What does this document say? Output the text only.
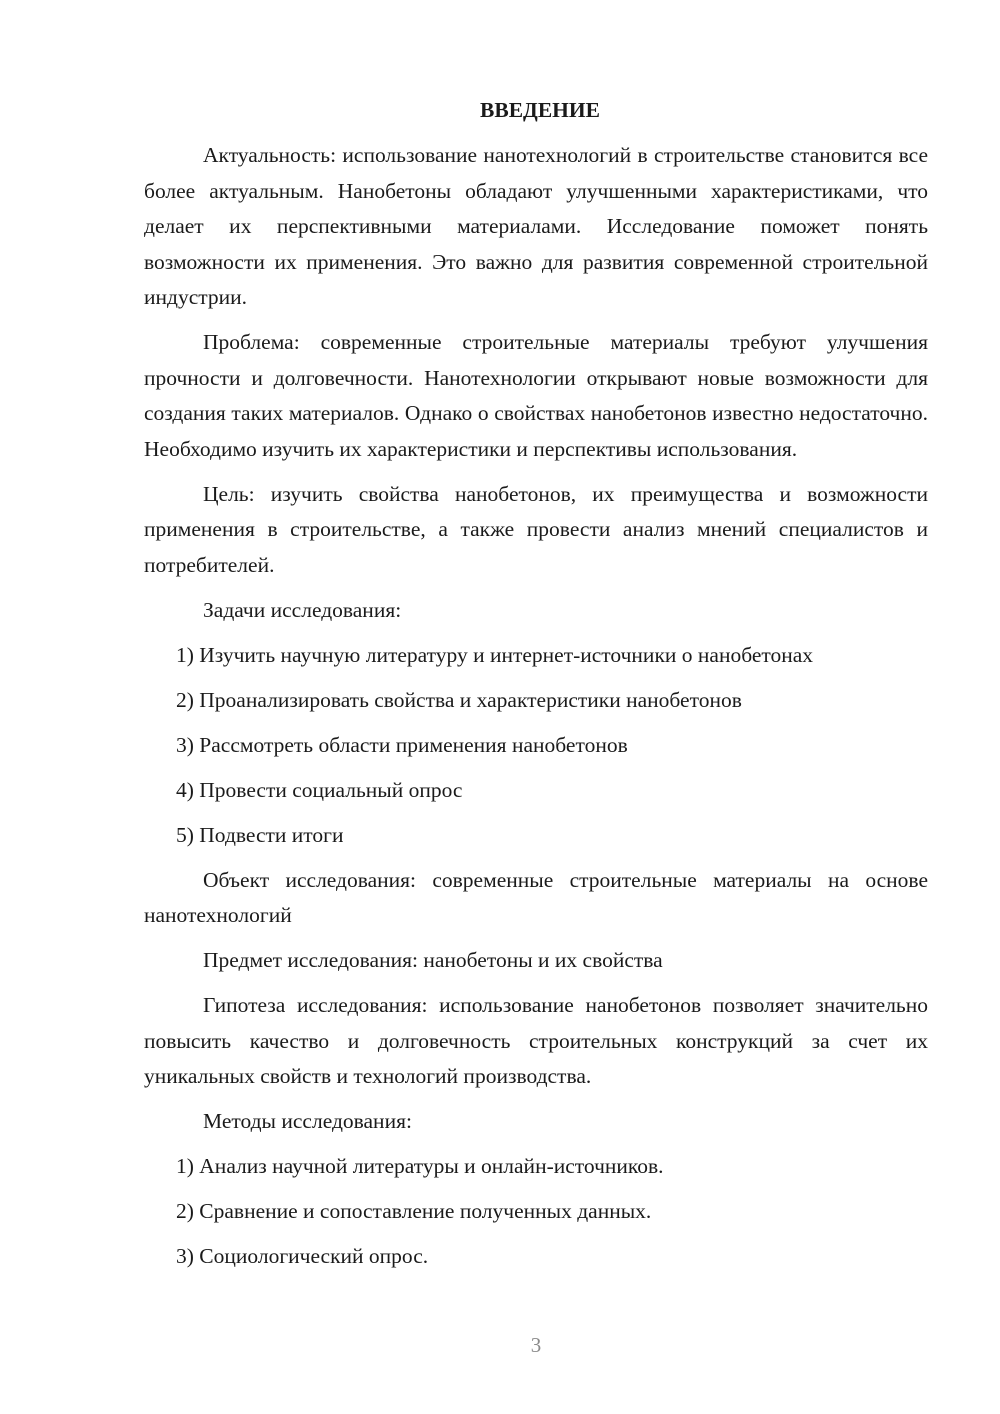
ВВЕДЕНИЕ

Актуальность: использование нанотехнологий в строительстве становится все более актуальным. Нанобетоны обладают улучшенными характеристиками, что делает их перспективными материалами. Исследование поможет понять возможности их применения. Это важно для развития современной строительной индустрии.

Проблема: современные строительные материалы требуют улучшения прочности и долговечности. Нанотехнологии открывают новые возможности для создания таких материалов. Однако о свойствах нанобетонов известно недостаточно. Необходимо изучить их характеристики и перспективы использования.

Цель: изучить свойства нанобетонов, их преимущества и возможности применения в строительстве, а также провести анализ мнений специалистов и потребителей.

Задачи исследования:

1) Изучить научную литературу и интернет-источники о нанобетонах
2) Проанализировать свойства и характеристики нанобетонов
3) Рассмотреть области применения нанобетонов
4) Провести социальный опрос
5) Подвести итоги

Объект исследования: современные строительные материалы на основе нанотехнологий

Предмет исследования: нанобетоны и их свойства

Гипотеза исследования: использование нанобетонов позволяет значительно повысить качество и долговечность строительных конструкций за счет их уникальных свойств и технологий производства.

Методы исследования:

1) Анализ научной литературы и онлайн-источников.
2) Сравнение и сопоставление полученных данных.
3) Социологический опрос.
3
